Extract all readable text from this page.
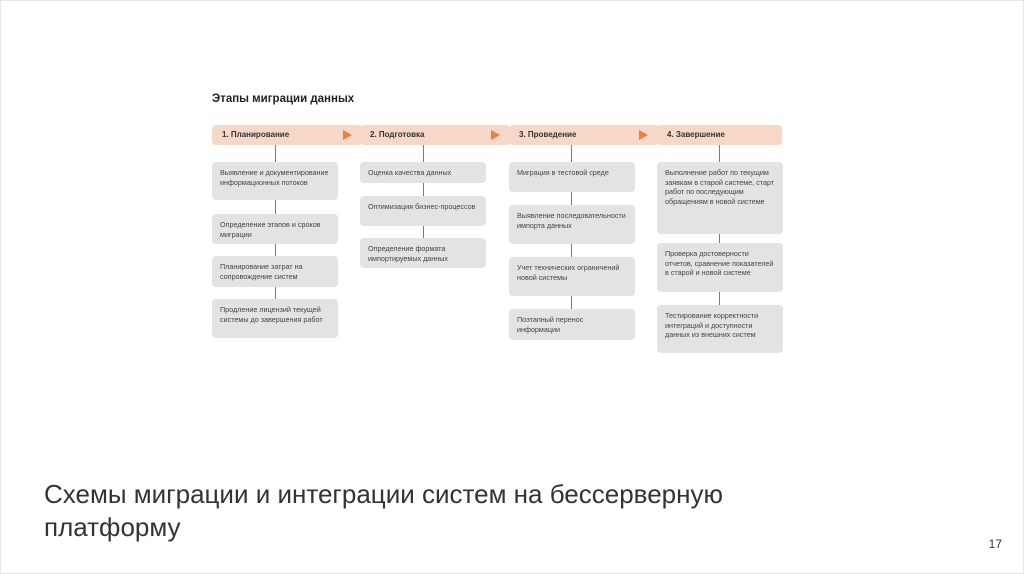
Этапы миграции данных
1. Планирование	2. Подготовка	3. Проведение	4. Завершение
Выявление и документирование информационных потоков
Определение этапов и сроков миграции
Планирование затрат на сопровождение систем
Продление лицензий текущей системы до завершения работ
Оценка качества данных
Оптимизация бизнес-процессов
Определение формата импортируемых данных
Миграция в тестовой среде
Выявление последовательности импорта данных
Учет технических ограничений новой системы
Поэтапный перенос информации
Выполнение работ по текущим заявкам в старой системе, старт работ по последующим обращениям в новой системе
Проверка достоверности отчетов, сравнение показателей в старой и новой системе
Тестирование корректности интеграций и доступности данных из внешних систем
Схемы миграции и интеграции систем на бессерверную платформу
17
